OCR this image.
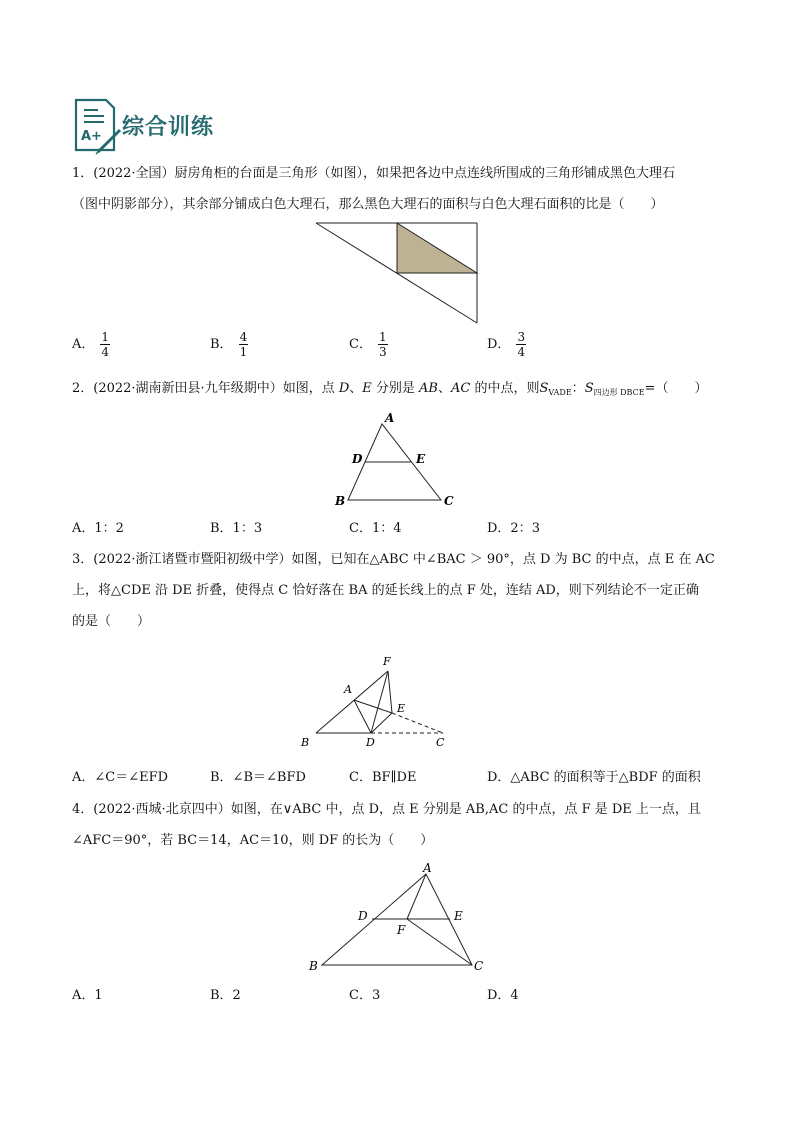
A+ 综合训练
1．(2022·全国）厨房角柜的台面是三角形（如图），如果把各边中点连线所围成的三角形铺成黑色大理石
（图中阴影部分），其余部分铺成白色大理石，那么黑色大理石的面积与白色大理石面积的比是（　　）
A． $\frac{1}{4}$	B． $\frac{4}{1}$	C． $\frac{1}{3}$	D． $\frac{3}{4}$
2．(2022·湖南新田县·九年级期中）如图，点 D、E 分别是 AB、AC 的中点，则$S_{VADE}$：$S_{四边形 DBCE}=$（　　）
A
D	E
B	C
A．1：2	B．1：3	C．1：4	D．2：3
3．(2022·浙江诸暨市暨阳初级中学）如图，已知在△ABC 中∠BAC ＞ 90°，点 D 为 BC 的中点，点 E 在 AC
上，将△CDE 沿 DE 折叠，使得点 C 恰好落在 BA 的延长线上的点 F 处，连结 AD，则下列结论不一定正确
的是（　　）
F
A
E
B	D	C
A．∠C＝∠EFD	B．∠B＝∠BFD	C．BF∥DE	D．△ABC 的面积等于△BDF 的面积
4．(2022·西城·北京四中）如图，在∨ABC 中，点 D，点 E 分别是 AB,AC 的中点，点 F 是 DE 上一点，且
∠AFC＝90°，若 BC＝14，AC＝10，则 DF 的长为（　　）
A
D	E
F
B	C
A．1	B．2	C．3	D．4
